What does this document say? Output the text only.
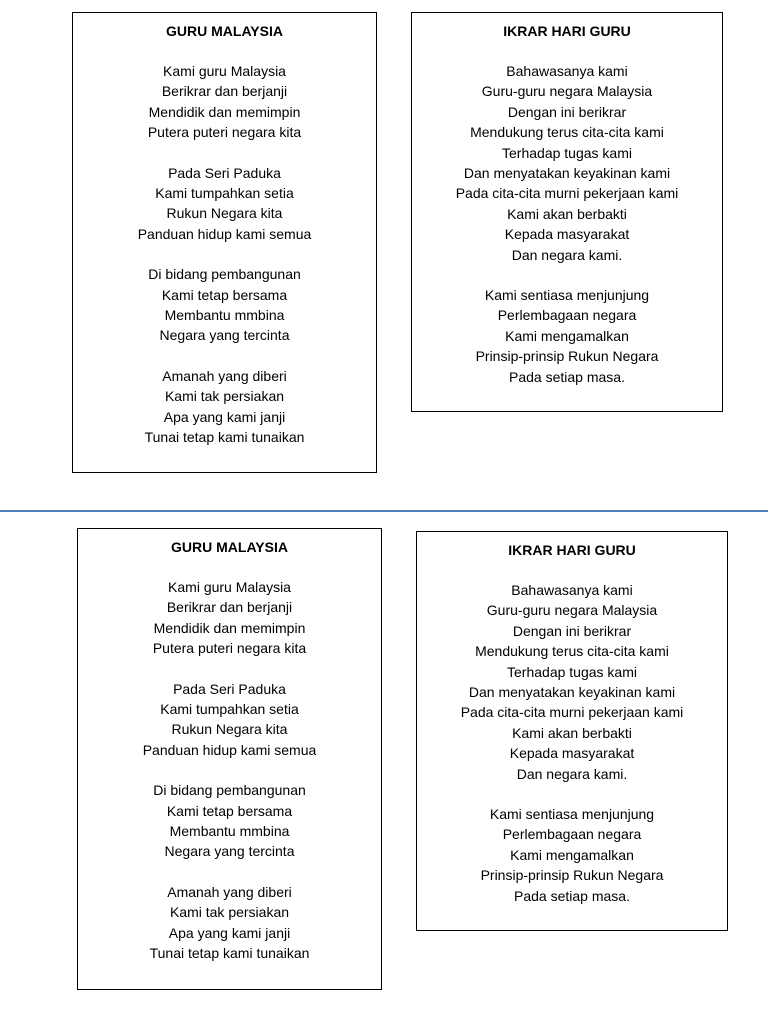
GURU MALAYSIA
Kami guru Malaysia
Berikrar dan berjanji
Mendidik dan memimpin
Putera puteri negara kita
Pada Seri Paduka
Kami tumpahkan setia
Rukun Negara kita
Panduan hidup kami semua
Di bidang pembangunan
Kami tetap bersama
Membantu mmbina
Negara yang tercinta
Amanah yang diberi
Kami tak persiakan
Apa yang kami janji
Tunai tetap kami tunaikan
IKRAR HARI GURU
Bahawasanya kami
Guru-guru negara Malaysia
Dengan ini berikrar
Mendukung terus cita-cita kami
Terhadap tugas kami
Dan menyatakan keyakinan kami
Pada cita-cita murni pekerjaan kami
Kami akan berbakti
Kepada masyarakat
Dan negara kami.
Kami sentiasa menjunjung
Perlembagaan negara
Kami mengamalkan
Prinsip-prinsip Rukun Negara
Pada setiap masa.
GURU MALAYSIA
Kami guru Malaysia
Berikrar dan berjanji
Mendidik dan memimpin
Putera puteri negara kita
Pada Seri Paduka
Kami tumpahkan setia
Rukun Negara kita
Panduan hidup kami semua
Di bidang pembangunan
Kami tetap bersama
Membantu mmbina
Negara yang tercinta
Amanah yang diberi
Kami tak persiakan
Apa yang kami janji
Tunai tetap kami tunaikan
IKRAR HARI GURU
Bahawasanya kami
Guru-guru negara Malaysia
Dengan ini berikrar
Mendukung terus cita-cita kami
Terhadap tugas kami
Dan menyatakan keyakinan kami
Pada cita-cita murni pekerjaan kami
Kami akan berbakti
Kepada masyarakat
Dan negara kami.
Kami sentiasa menjunjung
Perlembagaan negara
Kami mengamalkan
Prinsip-prinsip Rukun Negara
Pada setiap masa.
